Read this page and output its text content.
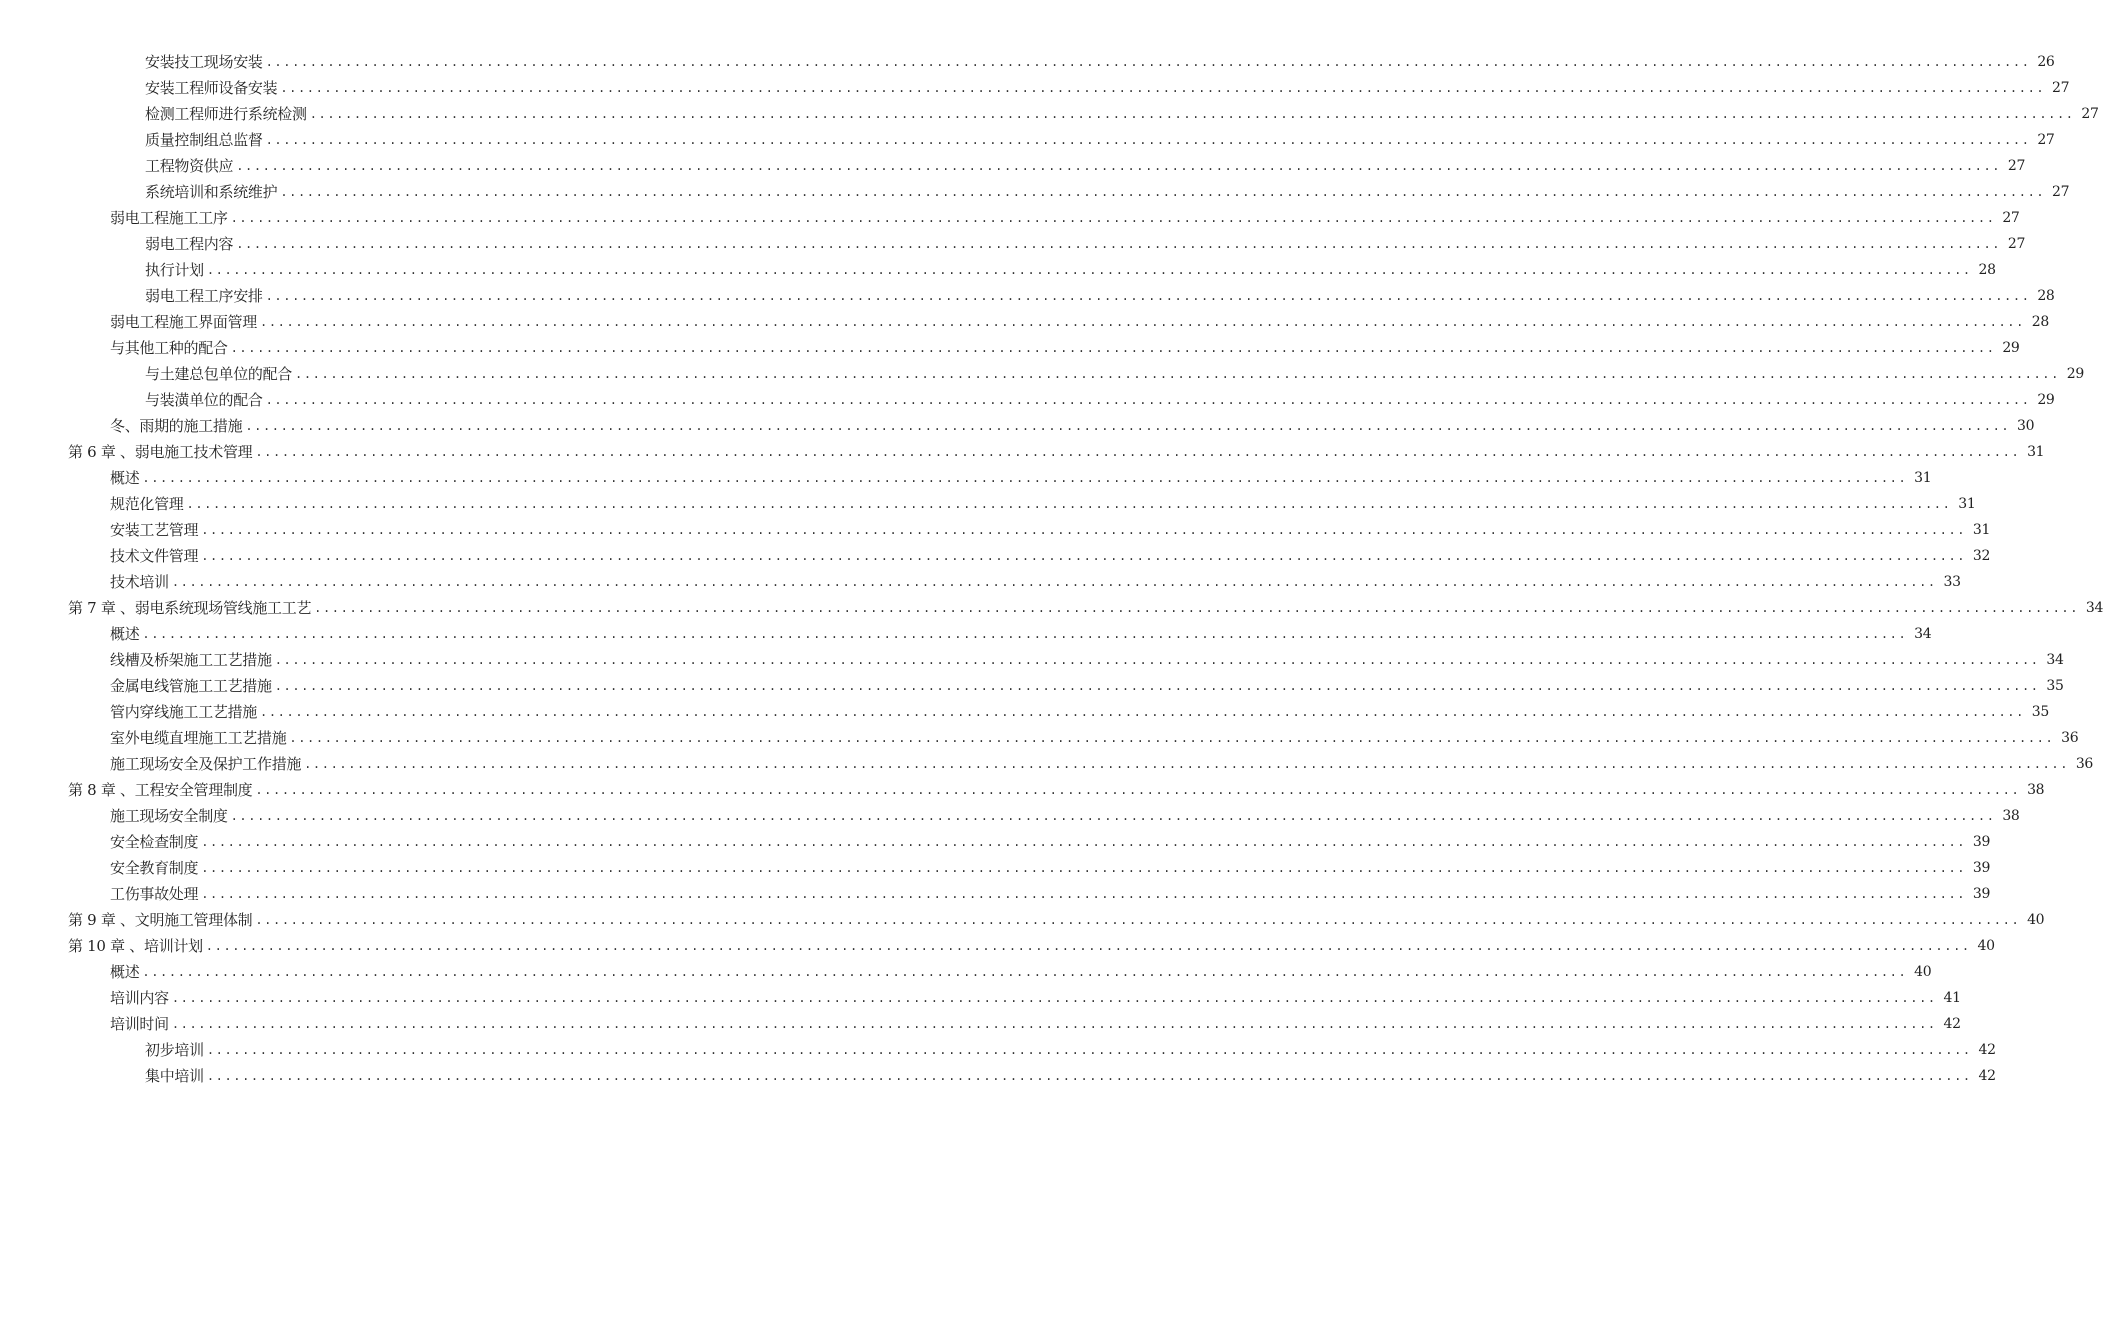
安装技工现场安装 ........................................................................................................................................................................................................ 26
安装工程师设备安装 ........................................................................................................................................................................................................ 27
检测工程师进行系统检测 ........................................................................................................................................................................................................ 27
质量控制组总监督 ........................................................................................................................................................................................................ 27
工程物资供应 ........................................................................................................................................................................................................ 27
系统培训和系统维护 ........................................................................................................................................................................................................ 27
弱电工程施工工序 ........................................................................................................................................................................................................ 27
弱电工程内容 ........................................................................................................................................................................................................ 27
执行计划 ........................................................................................................................................................................................................ 28
弱电工程工序安排 ........................................................................................................................................................................................................ 28
弱电工程施工界面管理 ........................................................................................................................................................................................................ 28
与其他工种的配合 ........................................................................................................................................................................................................ 29
与土建总包单位的配合 ........................................................................................................................................................................................................ 29
与装潢单位的配合 ........................................................................................................................................................................................................ 29
冬、雨期的施工措施 ........................................................................................................................................................................................................ 30
第 6 章 、弱电施工技术管理 ........................................................................................................................................................................................................ 31
概述 ........................................................................................................................................................................................................ 31
规范化管理 ........................................................................................................................................................................................................ 31
安装工艺管理 ........................................................................................................................................................................................................ 31
技术文件管理 ........................................................................................................................................................................................................ 32
技术培训 ........................................................................................................................................................................................................ 33
第 7 章 、弱电系统现场管线施工工艺 ........................................................................................................................................................................................................ 34
概述 ........................................................................................................................................................................................................ 34
线槽及桥架施工工艺措施 ........................................................................................................................................................................................................ 34
金属电线管施工工艺措施 ........................................................................................................................................................................................................ 35
管内穿线施工工艺措施 ........................................................................................................................................................................................................ 35
室外电缆直埋施工工艺措施 ........................................................................................................................................................................................................ 36
施工现场安全及保护工作措施 ........................................................................................................................................................................................................ 36
第 8 章 、工程安全管理制度 ........................................................................................................................................................................................................ 38
施工现场安全制度 ........................................................................................................................................................................................................ 38
安全检查制度 ........................................................................................................................................................................................................ 39
安全教育制度 ........................................................................................................................................................................................................ 39
工伤事故处理 ........................................................................................................................................................................................................ 39
第 9 章 、文明施工管理体制 ........................................................................................................................................................................................................ 40
第 10 章 、培训计划 ........................................................................................................................................................................................................ 40
概述 ........................................................................................................................................................................................................ 40
培训内容 ........................................................................................................................................................................................................ 41
培训时间 ........................................................................................................................................................................................................ 42
初步培训 ........................................................................................................................................................................................................ 42
集中培训 ........................................................................................................................................................................................................ 42
